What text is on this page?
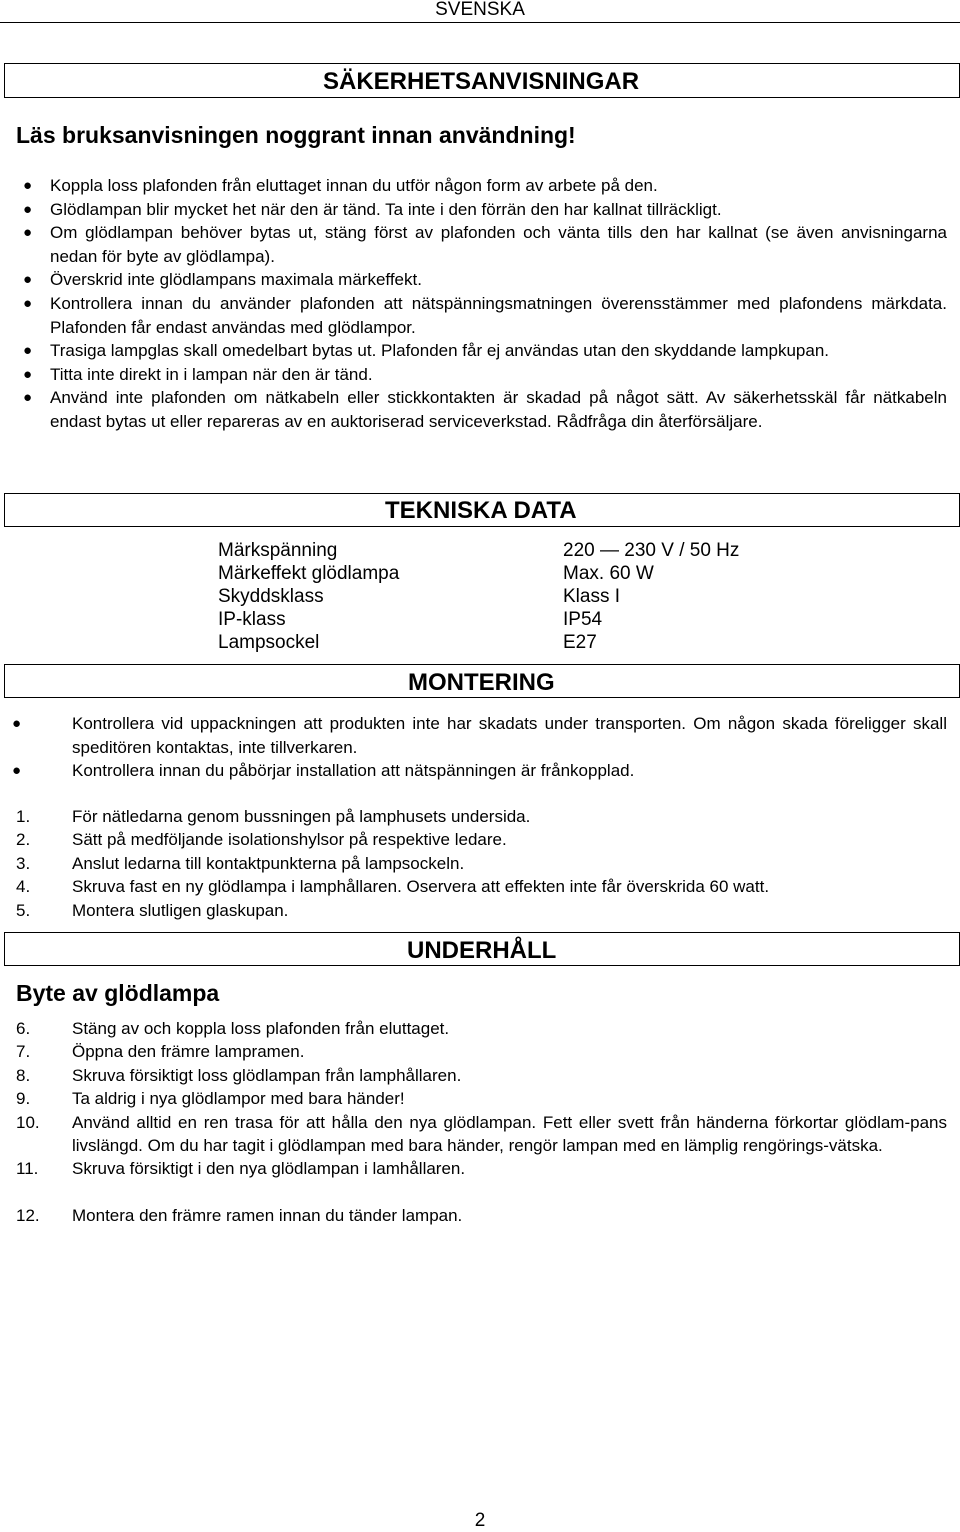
SVENSKA
SÄKERHETSANVISNINGAR
Läs bruksanvisningen noggrant innan användning!
● Koppla loss plafonden från eluttaget innan du utför någon form av arbete på den.
● Glödlampan blir mycket het när den är tänd. Ta inte i den förrän den har kallnat tillräckligt.
● Om glödlampan behöver bytas ut, stäng först av plafonden och vänta tills den har kallnat (se även anvisningarna nedan för byte av glödlampa).
● Överskrid inte glödlampans maximala märkeffekt.
● Kontrollera innan du använder plafonden att nätspänningsmatningen överensstämmer med plafondens märkdata. Plafonden får endast användas med glödlampor.
● Trasiga lampglas skall omedelbart bytas ut. Plafonden får ej användas utan den skyddande lampkupan.
● Titta inte direkt in i lampan när den är tänd.
● Använd inte plafonden om nätkabeln eller stickkontakten är skadad på något sätt. Av säkerhetsskäl får nätkabeln endast bytas ut eller repareras av en auktoriserad serviceverkstad. Rådfråga din återförsäljare.
TEKNISKA DATA
Märkspänning	220 — 230 V / 50 Hz
Märkeffekt glödlampa	Max. 60 W
Skyddsklass	Klass I
IP-klass	IP54
Lampsockel	E27
MONTERING
●	Kontrollera vid uppackningen att produkten inte har skadats under transporten. Om någon skada föreligger skall speditören kontaktas, inte tillverkaren.
●	Kontrollera innan du påbörjar installation att nätspänningen är frånkopplad.
1. För nätledarna genom bussningen på lamphusets undersida.
2. Sätt på medföljande isolationshylsor på respektive ledare.
3. Anslut ledarna till kontaktpunkterna på lampsockeln.
4. Skruva fast en ny glödlampa i lamphållaren. Oservera att effekten inte får överskrida 60 watt.
5. Montera slutligen glaskupan.
UNDERHÅLL
Byte av glödlampa
6. Stäng av och koppla loss plafonden från eluttaget.
7. Öppna den främre lampramen.
8. Skruva försiktigt loss glödlampan från lamphållaren.
9. Ta aldrig i nya glödlampor med bara händer!
10. Använd alltid en ren trasa för att hålla den nya glödlampan. Fett eller svett från händerna förkortar glödlam-pans livslängd. Om du har tagit i glödlampan med bara händer, rengör lampan med en lämplig rengörings-vätska.
11. Skruva försiktigt i den nya glödlampan i lamhållaren.
12. Montera den främre ramen innan du tänder lampan.
2
